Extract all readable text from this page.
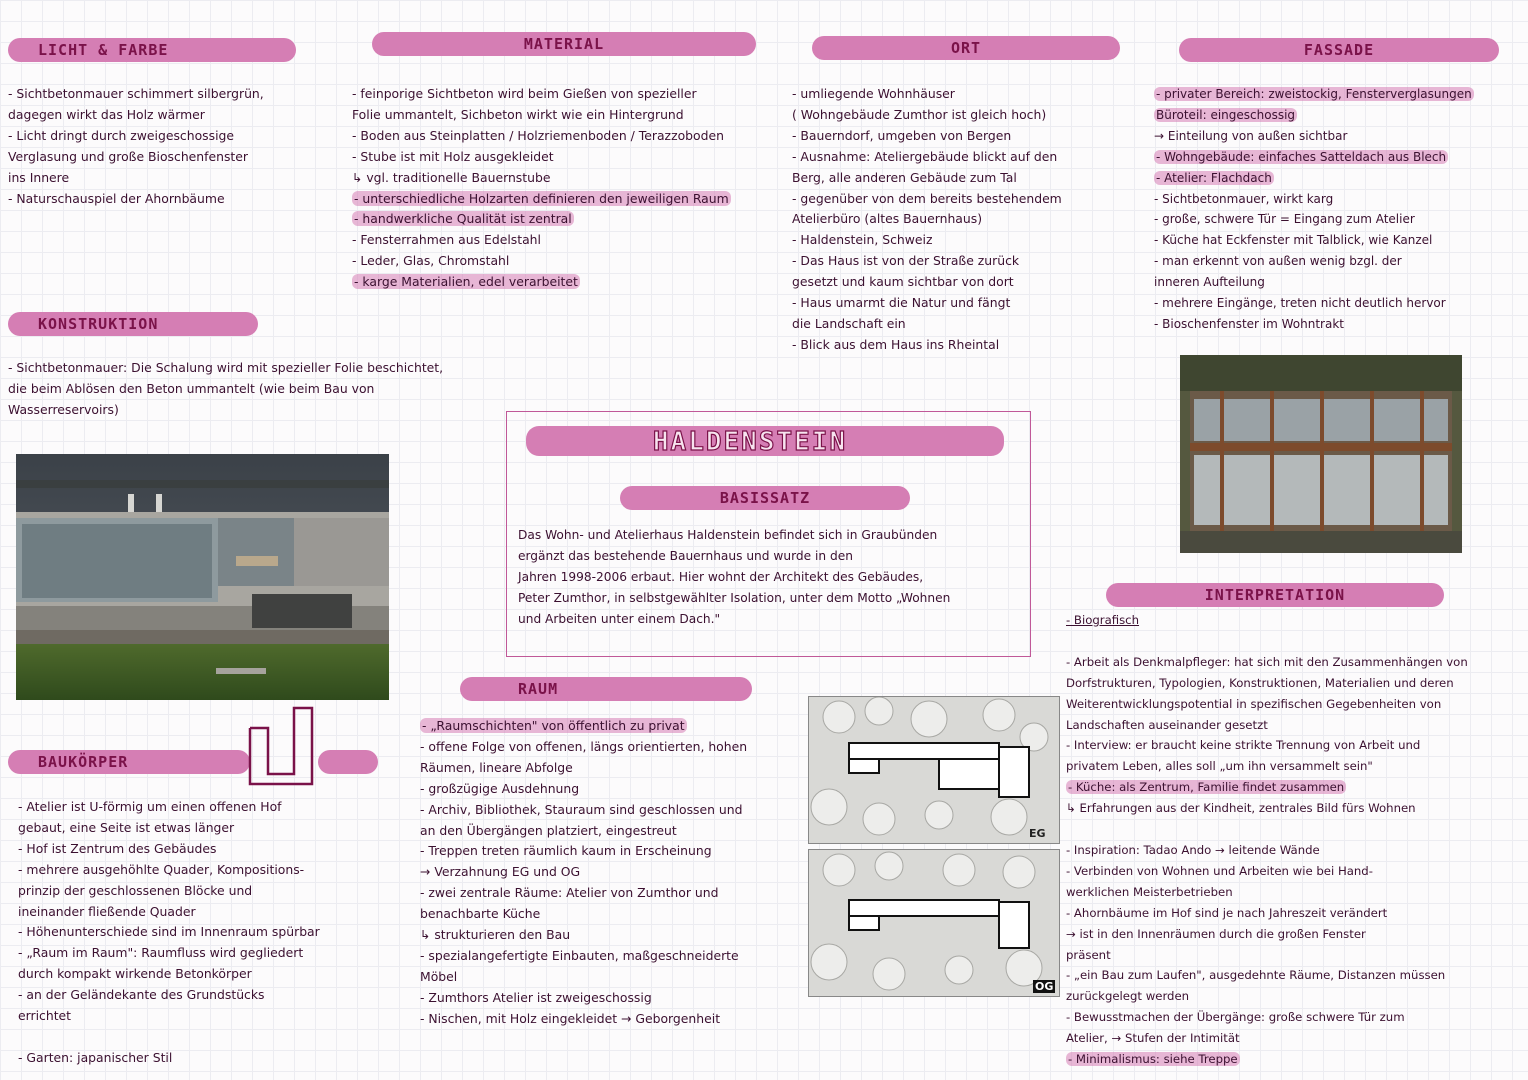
LICHT & FARBE	MATERIAL	ORT	FASSADE
KONSTRUKTION
INTERPRETATION
RAUM
BAUKÖRPER
- Sichtbetonmauer schimmert silbergrün,
dagegen wirkt das Holz wärmer
- Licht dringt durch zweigeschossige
Verglasung und große Bioschenfenster
ins Innere
- Naturschauspiel der Ahornbäume
- feinporige Sichtbeton wird beim Gießen von spezieller
Folie ummantelt, Sichbeton wirkt wie ein Hintergrund
- Boden aus Steinplatten / Holzriemenboden / Terazzoboden
- Stube ist mit Holz ausgekleidet
↳ vgl. traditionelle Bauernstube
- unterschiedliche Holzarten definieren den jeweiligen Raum
- handwerkliche Qualität ist zentral
- Fensterrahmen aus Edelstahl
- Leder, Glas, Chromstahl
- karge Materialien, edel verarbeitet
- umliegende Wohnhäuser
( Wohngebäude Zumthor ist gleich hoch)
- Bauerndorf, umgeben von Bergen
- Ausnahme: Ateliergebäude blickt auf den
Berg, alle anderen Gebäude zum Tal
- gegenüber von dem bereits bestehendem
Atelierbüro (altes Bauernhaus)
- Haldenstein, Schweiz
- Das Haus ist von der Straße zurück
gesetzt und kaum sichtbar von dort
- Haus umarmt die Natur und fängt
die Landschaft ein
- Blick aus dem Haus ins Rheintal
- privater Bereich: zweistockig, Fensterverglasungen
Büroteil: eingeschossig
→ Einteilung von außen sichtbar
- Wohngebäude: einfaches Satteldach aus Blech
- Atelier: Flachdach
- Sichtbetonmauer, wirkt karg
- große, schwere Tür = Eingang zum Atelier
- Küche hat Eckfenster mit Talblick, wie Kanzel
- man erkennt von außen wenig bzgl. der
inneren Aufteilung
- mehrere Eingänge, treten nicht deutlich hervor
- Bioschenfenster im Wohntrakt
- Sichtbetonmauer: Die Schalung wird mit spezieller Folie beschichtet,
die beim Ablösen den Beton ummantelt (wie beim Bau von
Wasserreservoirs)
HALDENSTEIN
BASISSATZ
Das Wohn- und Atelierhaus Haldenstein befindet sich in Graubünden
ergänzt das bestehende Bauernhaus und wurde in den
Jahren 1998-2006 erbaut. Hier wohnt der Architekt des Gebäudes,
Peter Zumthor, in selbstgewählter Isolation, unter dem Motto „Wohnen
und Arbeiten unter einem Dach."	- Biografisch

- Arbeit als Denkmalpfleger: hat sich mit den Zusammenhängen von
Dorfstrukturen, Typologien, Konstruktionen, Materialien und deren
Weiterentwicklungspotential in spezifischen Gegebenheiten von
Landschaften auseinander gesetzt
- Interview: er braucht keine strikte Trennung von Arbeit und
privatem Leben, alles soll „um ihn versammelt sein"
- Küche: als Zentrum, Familie findet zusammen
↳ Erfahrungen aus der Kindheit, zentrales Bild fürs Wohnen

- Inspiration: Tadao Ando → leitende Wände
- Verbinden von Wohnen und Arbeiten wie bei Hand-
werklichen Meisterbetrieben
- Ahornbäume im Hof sind je nach Jahreszeit verändert
→ ist in den Innenräumen durch die großen Fenster
präsent
- „ein Bau zum Laufen", ausgedehnte Räume, Distanzen müssen
zurückgelegt werden
- Bewusstmachen der Übergänge: große schwere Tür zum
Atelier, → Stufen der Intimität
- Minimalismus: siehe Treppe
- „Raumschichten" von öffentlich zu privat
- offene Folge von offenen, längs orientierten, hohen
Räumen, lineare Abfolge
- großzügige Ausdehnung
- Archiv, Bibliothek, Stauraum sind geschlossen und
an den Übergängen platziert, eingestreut
- Treppen treten räumlich kaum in Erscheinung
→ Verzahnung EG und OG
- zwei zentrale Räume: Atelier von Zumthor und
benachbarte Küche
↳ strukturieren den Bau
- spezialangefertigte Einbauten, maßgeschneiderte
Möbel
- Zumthors Atelier ist zweigeschossig
- Nischen, mit Holz eingekleidet → Geborgenheit
- Atelier ist U-förmig um einen offenen Hof
gebaut, eine Seite ist etwas länger
- Hof ist Zentrum des Gebäudes
- mehrere ausgehöhlte Quader, Kompositions-
prinzip der geschlossenen Blöcke und
ineinander fließende Quader
- Höhenunterschiede sind im Innenraum spürbar
- „Raum im Raum": Raumfluss wird gegliedert
durch kompakt wirkende Betonkörper
- an der Geländekante des Grundstücks
errichtet

- Garten: japanischer Stil
EG
OG
